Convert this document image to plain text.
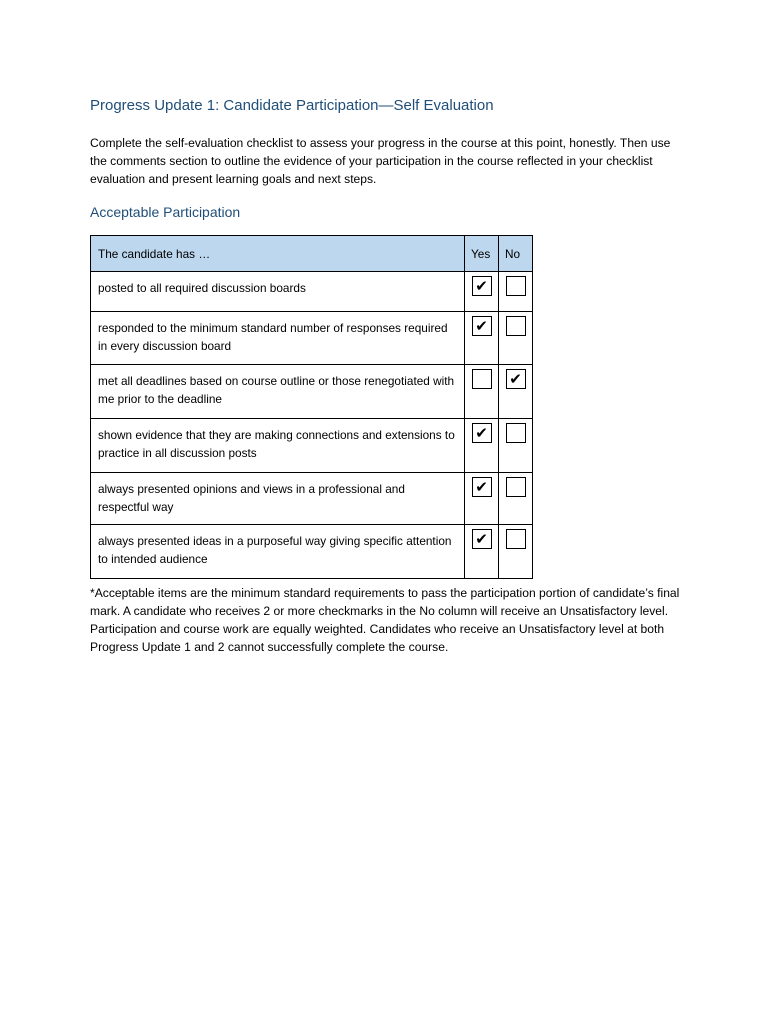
Progress Update 1: Candidate Participation—Self Evaluation

Complete the self-evaluation checklist to assess your progress in the course at this point, honestly. Then use the comments section to outline the evidence of your participation in the course reflected in your checklist evaluation and present learning goals and next steps.

Acceptable Participation
The candidate has …	Yes	No
posted to all required discussion boards	✔	
responded to the minimum standard number of responses required in every discussion board	✔	
met all deadlines based on course outline or those renegotiated with me prior to the deadline		✔
shown evidence that they are making connections and extensions to practice in all discussion posts	✔	
always presented opinions and views in a professional and respectful way	✔	
always presented ideas in a purposeful way giving specific attention to intended audience	✔	

*Acceptable items are the minimum standard requirements to pass the participation portion of candidate’s final mark. A candidate who receives 2 or more checkmarks in the No column will receive an Unsatisfactory level. Participation and course work are equally weighted. Candidates who receive an Unsatisfactory level at both Progress Update 1 and 2 cannot successfully complete the course.
